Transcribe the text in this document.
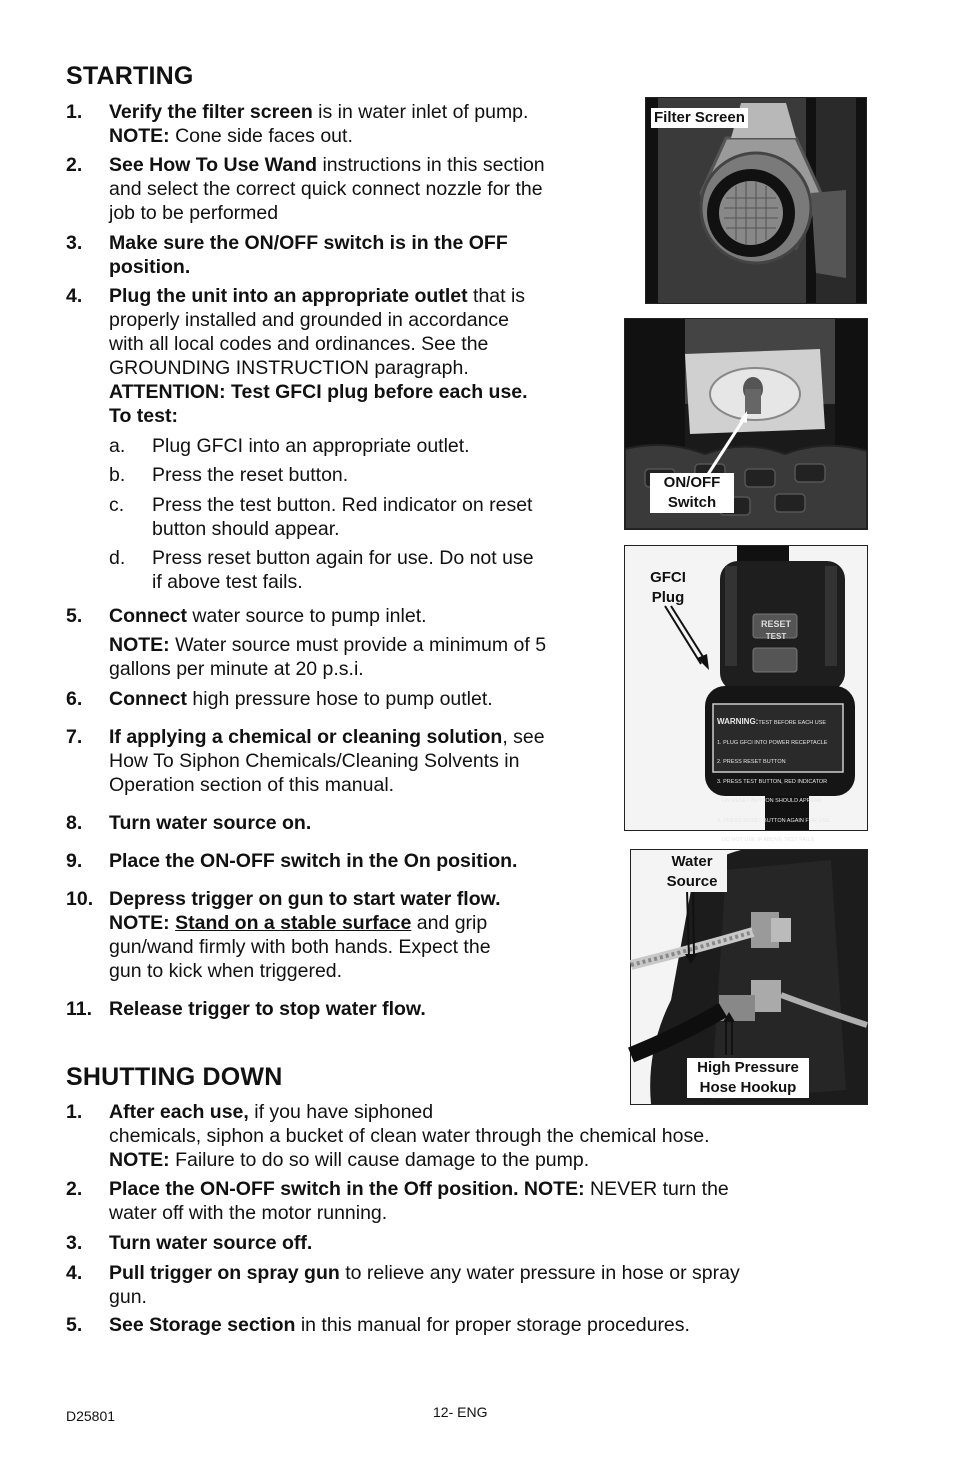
STARTING
1. Verify the filter screen is in water inlet of pump.
NOTE: Cone side faces out.
2. See How To Use Wand instructions in this section
and select the correct quick connect nozzle for the
job to be performed
3. Make sure the ON/OFF switch is in the OFF
position.
4. Plug the unit into an appropriate outlet that is
properly installed and grounded in accordance
with all local codes and ordinances. See the
GROUNDING INSTRUCTION paragraph.
ATTENTION: Test GFCI plug before each use.
To test:
a. Plug GFCI into an appropriate outlet.
b. Press the reset button.
c. Press the test button. Red indicator on reset
button should appear.
d. Press reset button again for use. Do not use
if above test fails.
5. Connect water source to pump inlet.
NOTE: Water source must provide a minimum of 5
gallons per minute at 20 p.s.i.
6. Connect high pressure hose to pump outlet.
7. If applying a chemical or cleaning solution, see
How To Siphon Chemicals/Cleaning Solvents in
Operation section of this manual.
8. Turn water source on.
9. Place the ON-OFF switch in the On position.
10. Depress trigger on gun to start water flow.
NOTE: Stand on a stable surface and grip
gun/wand firmly with both hands. Expect the
gun to kick when triggered.
11. Release trigger to stop water flow.
SHUTTING DOWN
1. After each use, if you have siphoned
chemicals, siphon a bucket of clean water through the chemical hose.
NOTE: Failure to do so will cause damage to the pump.
2. Place the ON-OFF switch in the Off position. NOTE: NEVER turn the
water off with the motor running.
3. Turn water source off.
4. Pull trigger on spray gun to relieve any water pressure in hose or spray
gun.
5. See Storage section in this manual for proper storage procedures.
Filter Screen
ON/OFF
Switch
GFCI
Plug
RESET
TEST

WARNING:TEST BEFORE EACH USE

1. PLUG GFCI INTO POWER RECEPTACLE

2. PRESS RESET BUTTON

3. PRESS TEST BUTTON, RED INDICATOR

ON RESET BUTTON SHOULD APPEAR

4. PRESS RESET BUTTON AGAIN FOR USE

DO NOT USE IF ABOVE TEST FAILS

Water
Source
High Pressure
Hose Hookup
D25801	12- ENG
